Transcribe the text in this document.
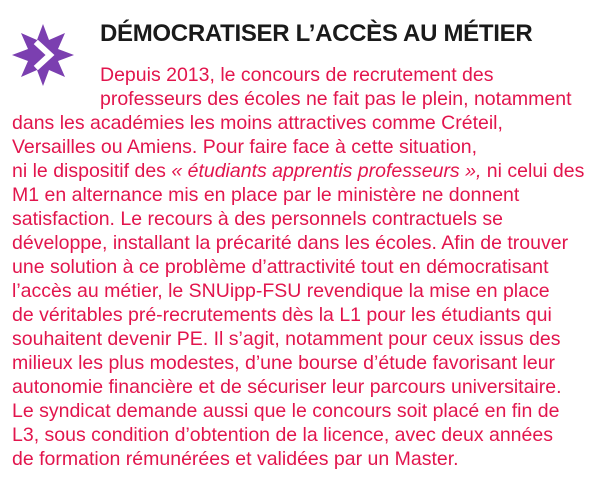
DÉMOCRATISER L’ACCÈS AU MÉTIER
Depuis 2013, le concours de recrutement des
professeurs des écoles ne fait pas le plein, notamment
dans les académies les moins attractives comme Créteil,
Versailles ou Amiens. Pour faire face à cette situation,
ni le dispositif des « étudiants apprentis professeurs », ni celui des
M1 en alternance mis en place par le ministère ne donnent
satisfaction. Le recours à des personnels contractuels se
développe, installant la précarité dans les écoles. Afin de trouver
une solution à ce problème d’attractivité tout en démocratisant
l’accès au métier, le SNUipp-FSU revendique la mise en place
de véritables pré-recrutements dès la L1 pour les étudiants qui
souhaitent devenir PE. Il s’agit, notamment pour ceux issus des
milieux les plus modestes, d’une bourse d’étude favorisant leur
autonomie financière et de sécuriser leur parcours universitaire.
Le syndicat demande aussi que le concours soit placé en fin de
L3, sous condition d’obtention de la licence, avec deux années
de formation rémunérées et validées par un Master.
